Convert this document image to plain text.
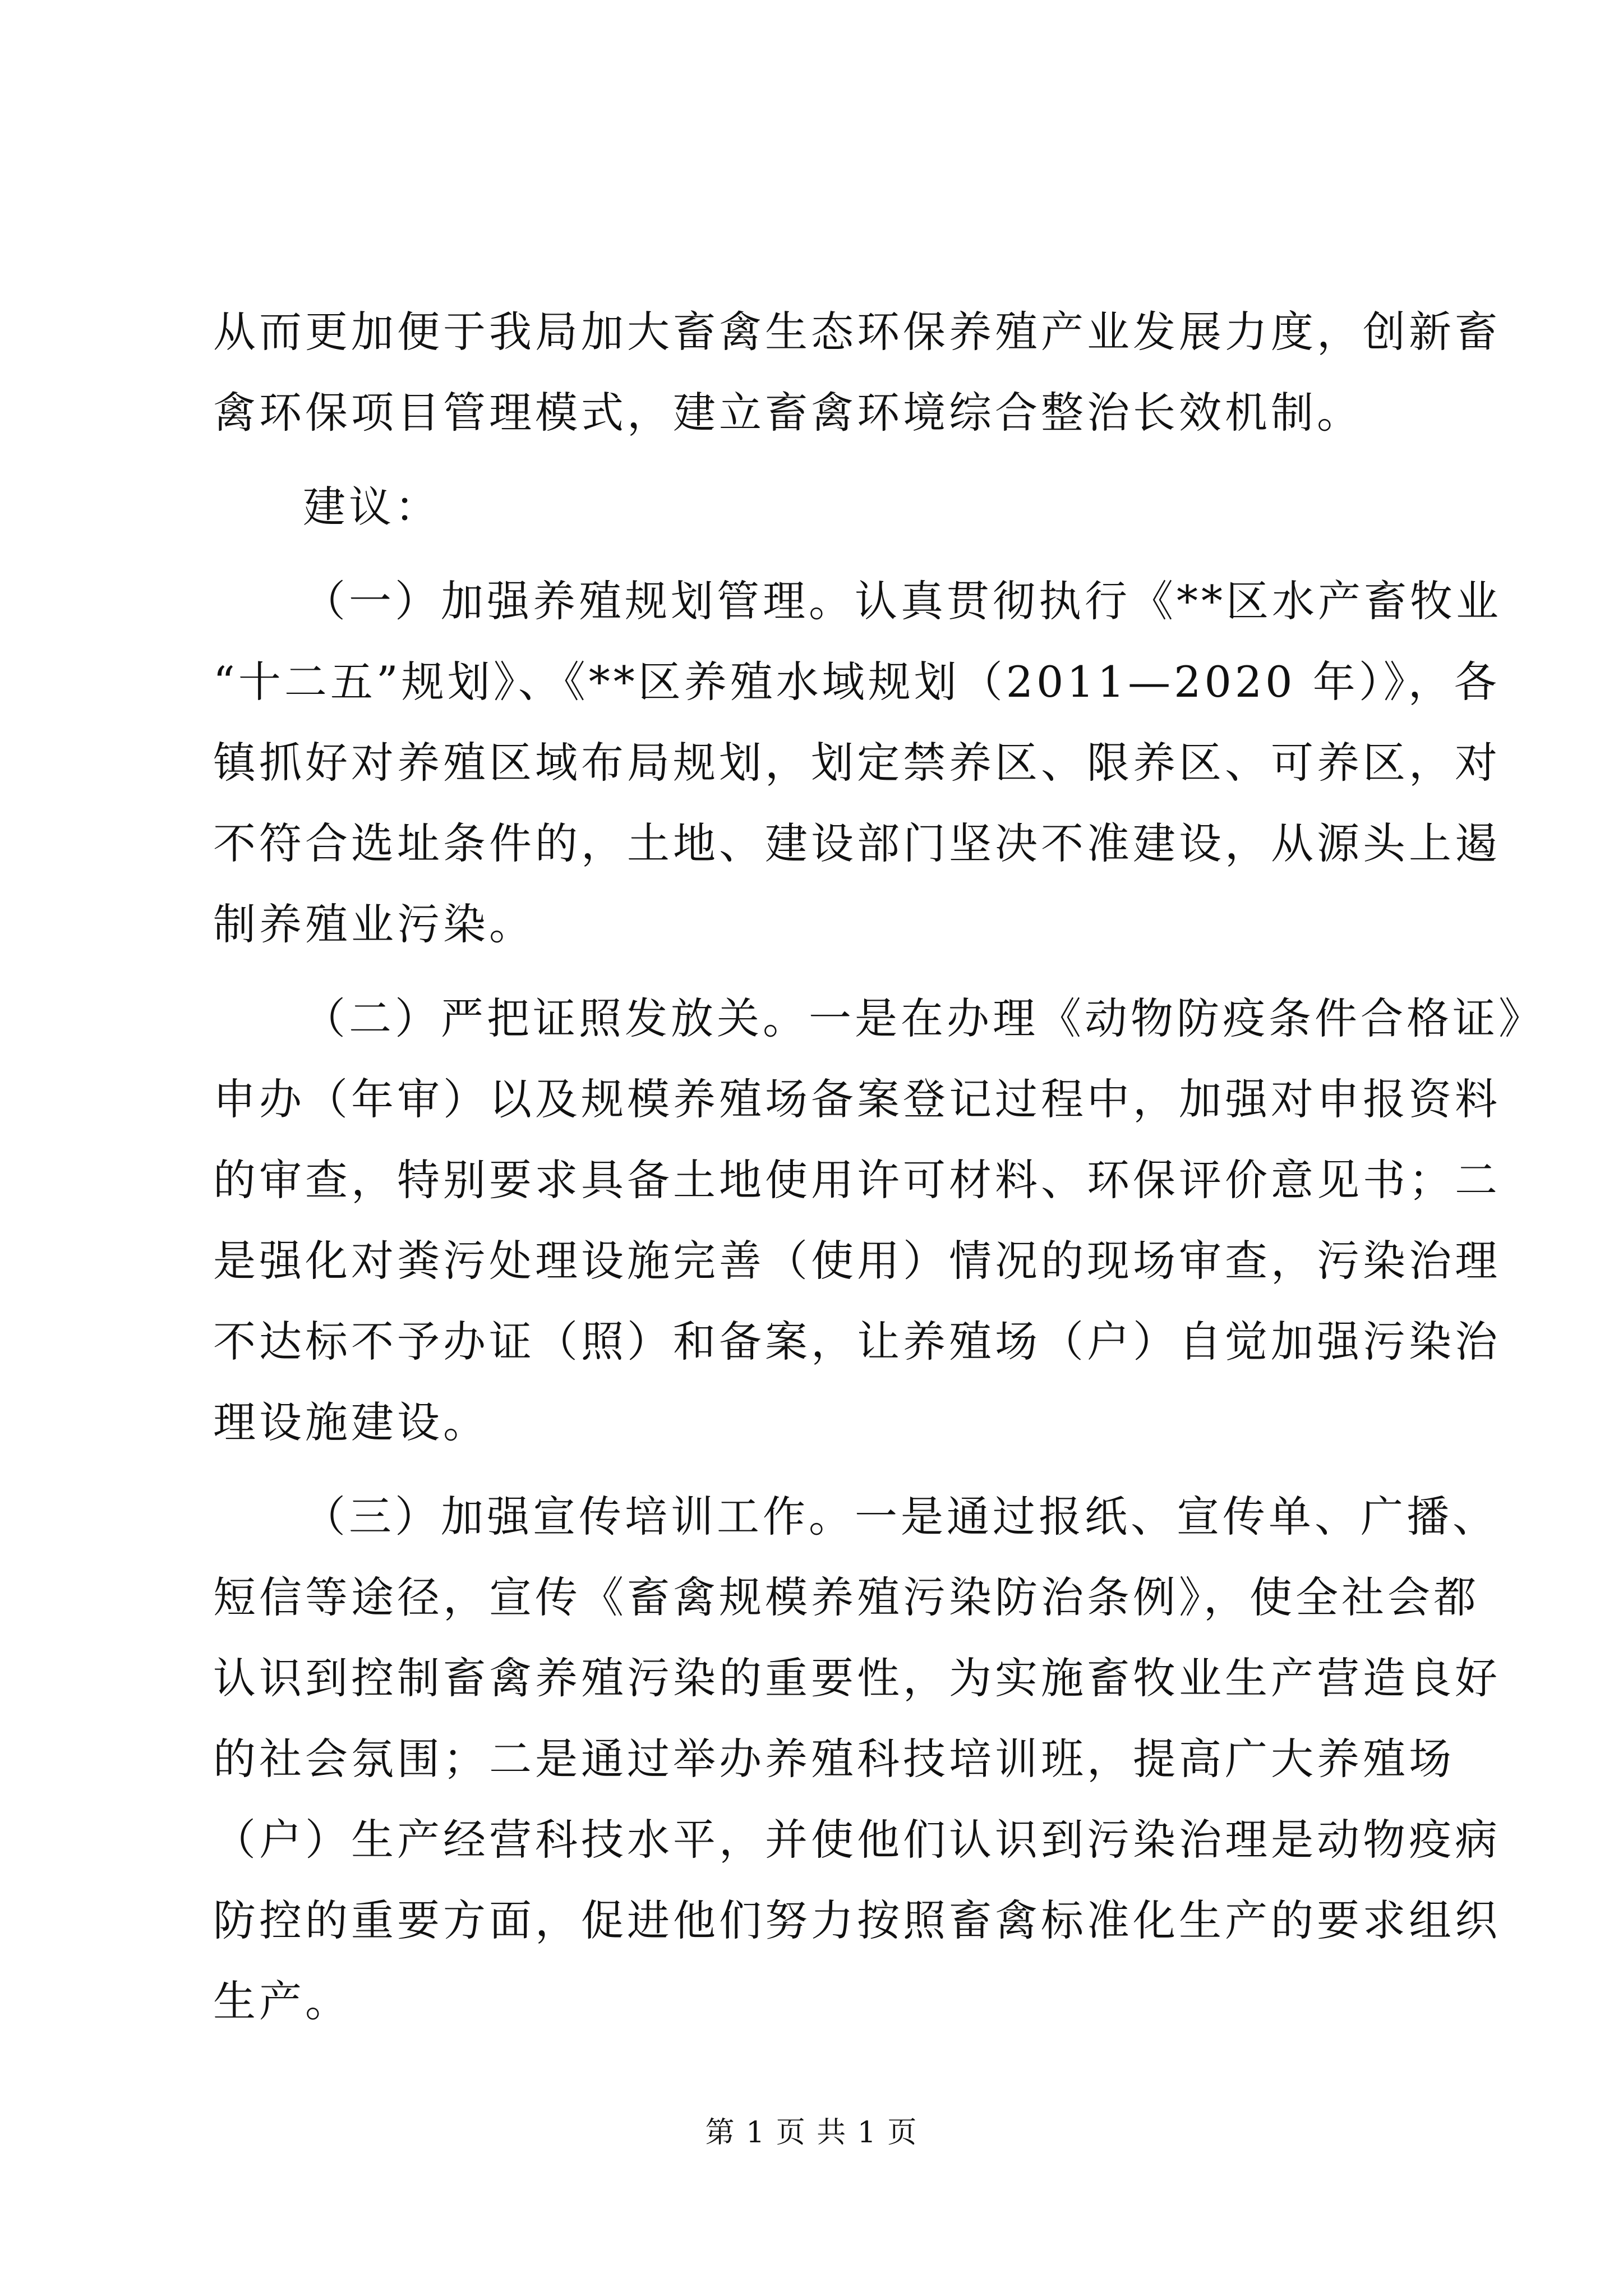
从而更加便于我局加大畜禽生态环保养殖产业发展力度，创新畜
禽环保项目管理模式，建立畜禽环境综合整治长效机制。
建议：
（一）加强养殖规划管理。认真贯彻执行《**区水产畜牧业
“十二五”规划》、《**区养殖水域规划（2011—2020 年）》，各
镇抓好对养殖区域布局规划，划定禁养区、限养区、可养区，对
不符合选址条件的，土地、建设部门坚决不准建设，从源头上遏
制养殖业污染。
（二）严把证照发放关。一是在办理《动物防疫条件合格证》
申办（年审）以及规模养殖场备案登记过程中，加强对申报资料
的审查，特别要求具备土地使用许可材料、环保评价意见书；二
是强化对粪污处理设施完善（使用）情况的现场审查，污染治理
不达标不予办证（照）和备案，让养殖场（户）自觉加强污染治
理设施建设。
（三）加强宣传培训工作。一是通过报纸、宣传单、广播、
短信等途径，宣传《畜禽规模养殖污染防治条例》，使全社会都
认识到控制畜禽养殖污染的重要性，为实施畜牧业生产营造良好
的社会氛围；二是通过举办养殖科技培训班，提高广大养殖场
（户）生产经营科技水平，并使他们认识到污染治理是动物疫病
防控的重要方面，促进他们努力按照畜禽标准化生产的要求组织
生产。
第 1 页 共 1 页
